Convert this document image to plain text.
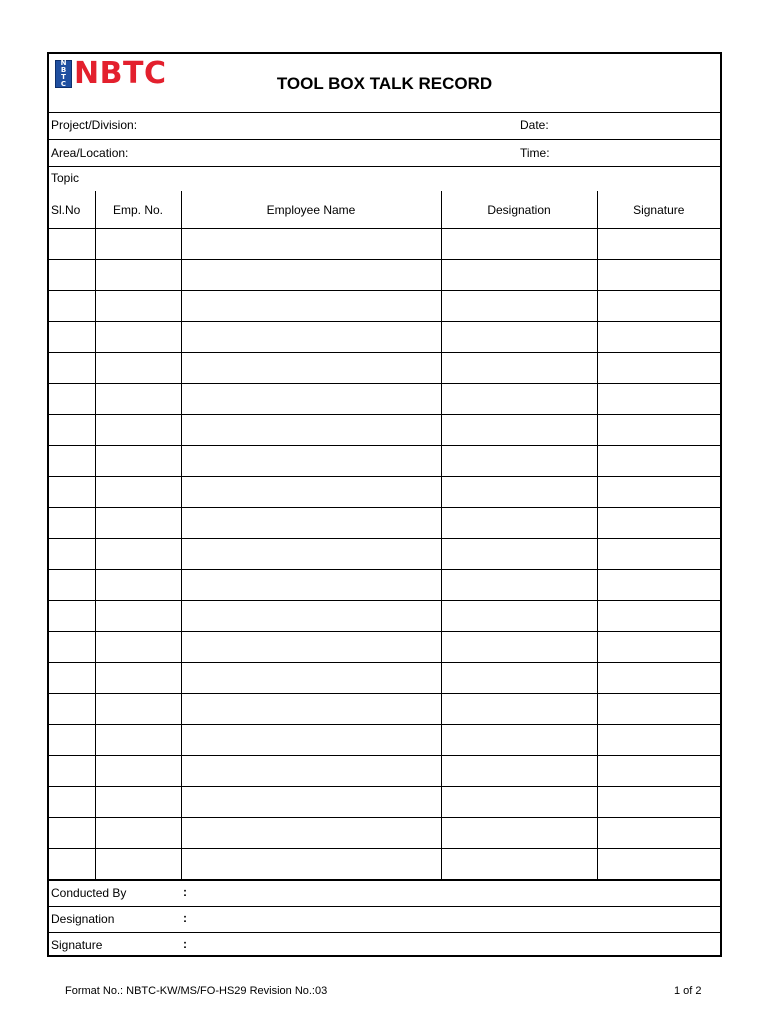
N
B
T
C NBTC	TOOL BOX TALK RECORD
Project/Division:	Date:
Area/Location:	Time:
Topic
Sl.No	Emp. No.	Employee Name	Designation	Signature

Conducted By	:
Designation	:
Signature	:
Format No.: NBTC-KW/MS/FO-HS29 Revision No.:03	1 of 2
